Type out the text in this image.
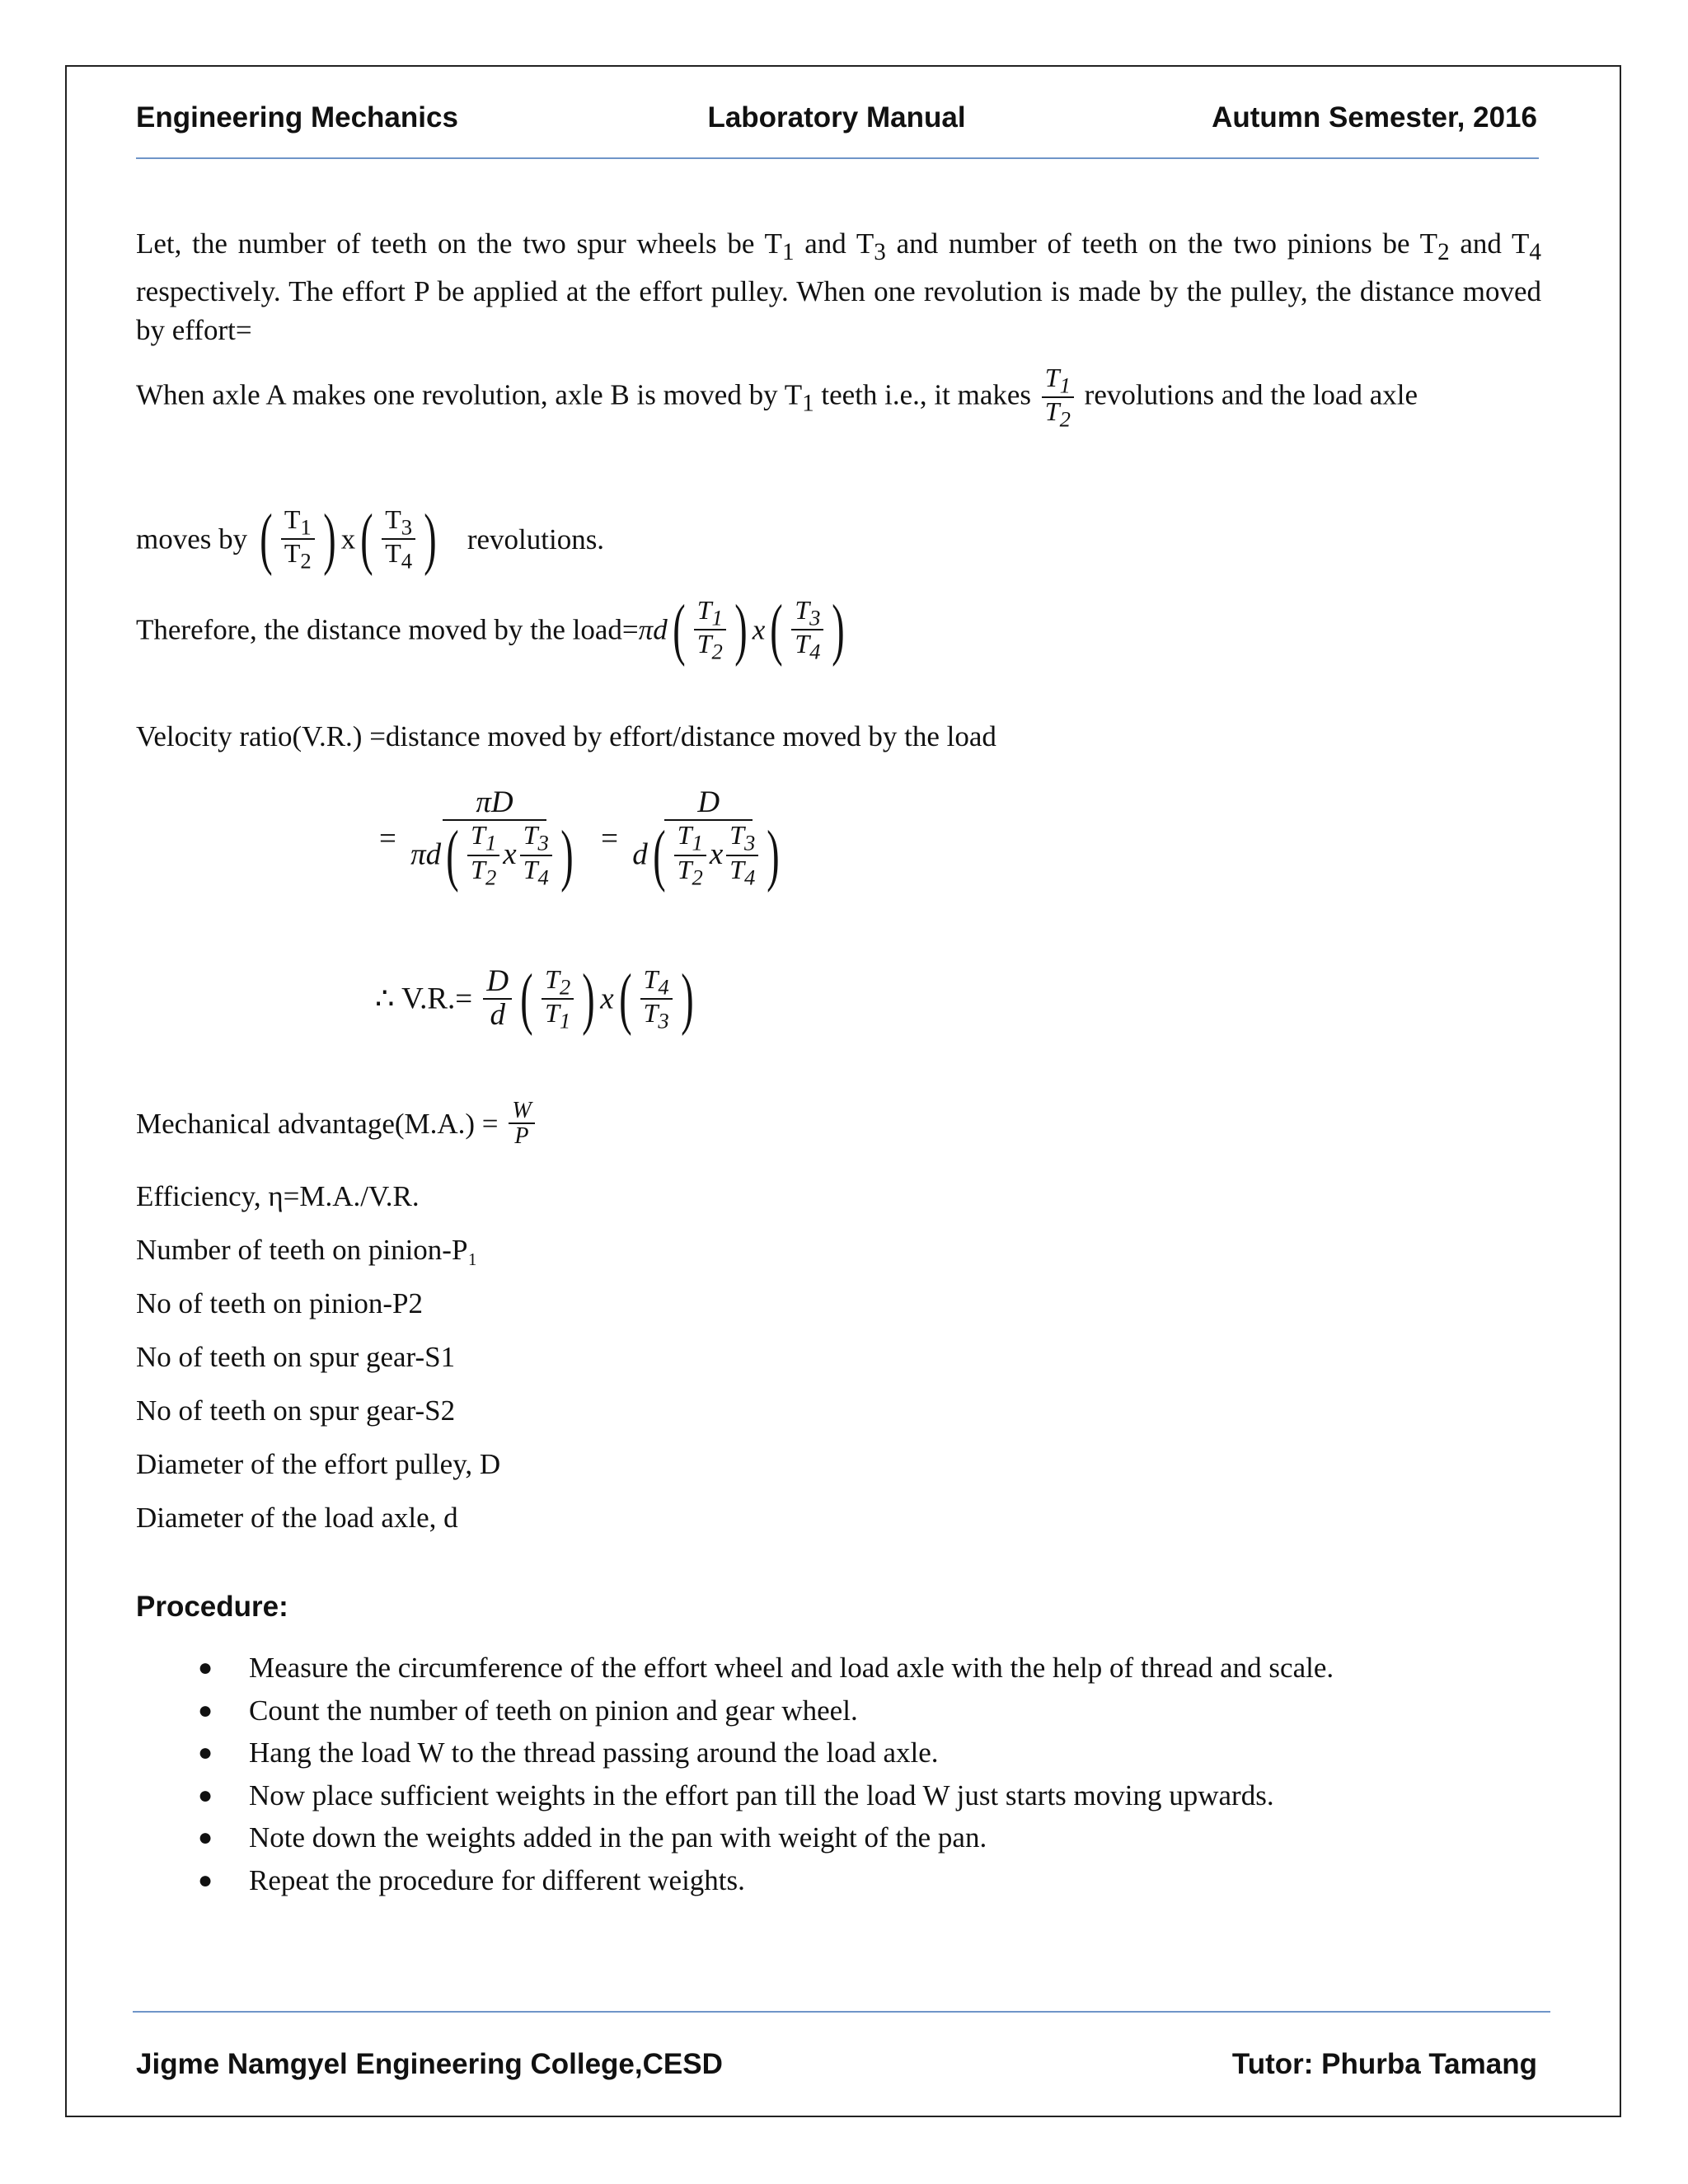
Engineering Mechanics	Laboratory Manual	Autumn Semester, 2016
Let, the number of teeth on the two spur wheels be $T_1$ and $T_3$ and number of teeth on the two pinions be $T_2$ and $T_4$ respectively. The effort P be applied at the effort pulley. When one revolution is made by the pulley, the distance moved by effort=
When axle A makes one revolution, axle B is moved by $T_1$ teeth i.e., it makes $\frac{T_1}{T_2}$ revolutions and the load axle
moves by ( $\frac{T_1}{T_2}$
) x ( $\frac{T_3}{T_4}$
) revolutions.
Therefore, the distance moved by the load=πd ( $\frac{T_1}{T_2}$
) x ( $\frac{T_3}{T_4}$
)
Velocity ratio(V.R.) =distance moved by effort/distance moved by the load
=
πD
πd ( $\frac{T_1}{T_2}$ x $\frac{T_3}{T_4}$
) =
D
d ( $\frac{T_1}{T_2}$ x $\frac{T_3}{T_4}$
)
∴ $V.R.= \frac{D}{d}$ ( $\frac{T_2}{T_1}$
) x ( $\frac{T_4}{T_3}$
)
Mechanical advantage(M.A.) = $\frac{W}{P}$
Efficiency, η=M.A./V.R.
Number of teeth on pinion-P₁
No of teeth on pinion-P2
No of teeth on spur gear-S1
No of teeth on spur gear-S2
Diameter of the effort pulley, D
Diameter of the load axle, d
Procedure:
● Measure the circumference of the effort wheel and load axle with the help of thread and scale.
● Count the number of teeth on pinion and gear wheel.
● Hang the load W to the thread passing around the load axle.
● Now place sufficient weights in the effort pan till the load W just starts moving upwards.
● Note down the weights added in the pan with weight of the pan.
● Repeat the procedure for different weights.
Jigme Namgyel Engineering College,CESD	Tutor: Phurba Tamang
